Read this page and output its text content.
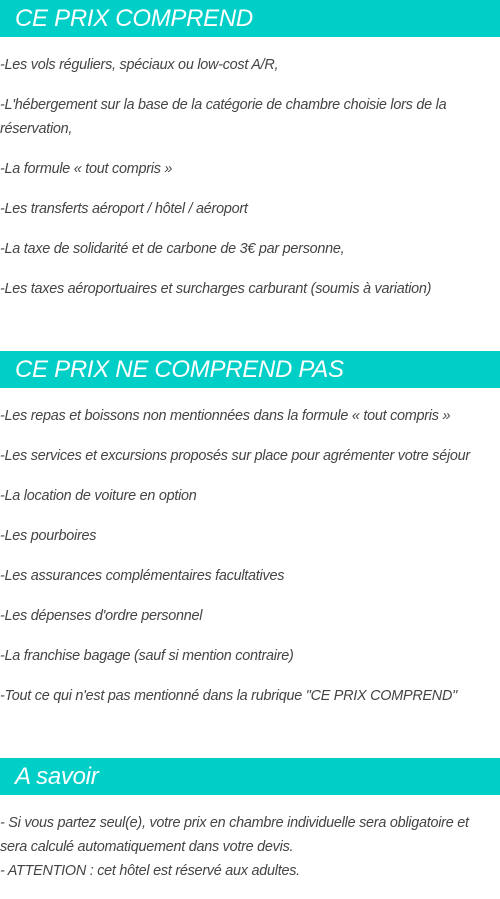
CE PRIX COMPREND
-Les vols réguliers, spéciaux ou low-cost A/R,
-L'hébergement sur la base de la catégorie de chambre choisie lors de la réservation,
-La formule « tout compris »
-Les transferts aéroport / hôtel / aéroport
-La taxe de solidarité et de carbone de 3€ par personne,
-Les taxes aéroportuaires et surcharges carburant (soumis à variation)
CE PRIX NE COMPREND PAS
-Les repas et boissons non mentionnées dans la formule « tout compris »
-Les services et excursions proposés sur place pour agrémenter votre séjour
-La location de voiture en option
-Les pourboires
-Les assurances complémentaires facultatives
-Les dépenses d'ordre personnel
-La franchise bagage (sauf si mention contraire)
-Tout ce qui n'est pas mentionné dans la rubrique "CE PRIX COMPREND"
A savoir

- Si vous partez seul(e), votre prix en chambre individuelle sera obligatoire et sera calculé automatiquement dans votre devis.
- ATTENTION : cet hôtel est réservé aux adultes.
